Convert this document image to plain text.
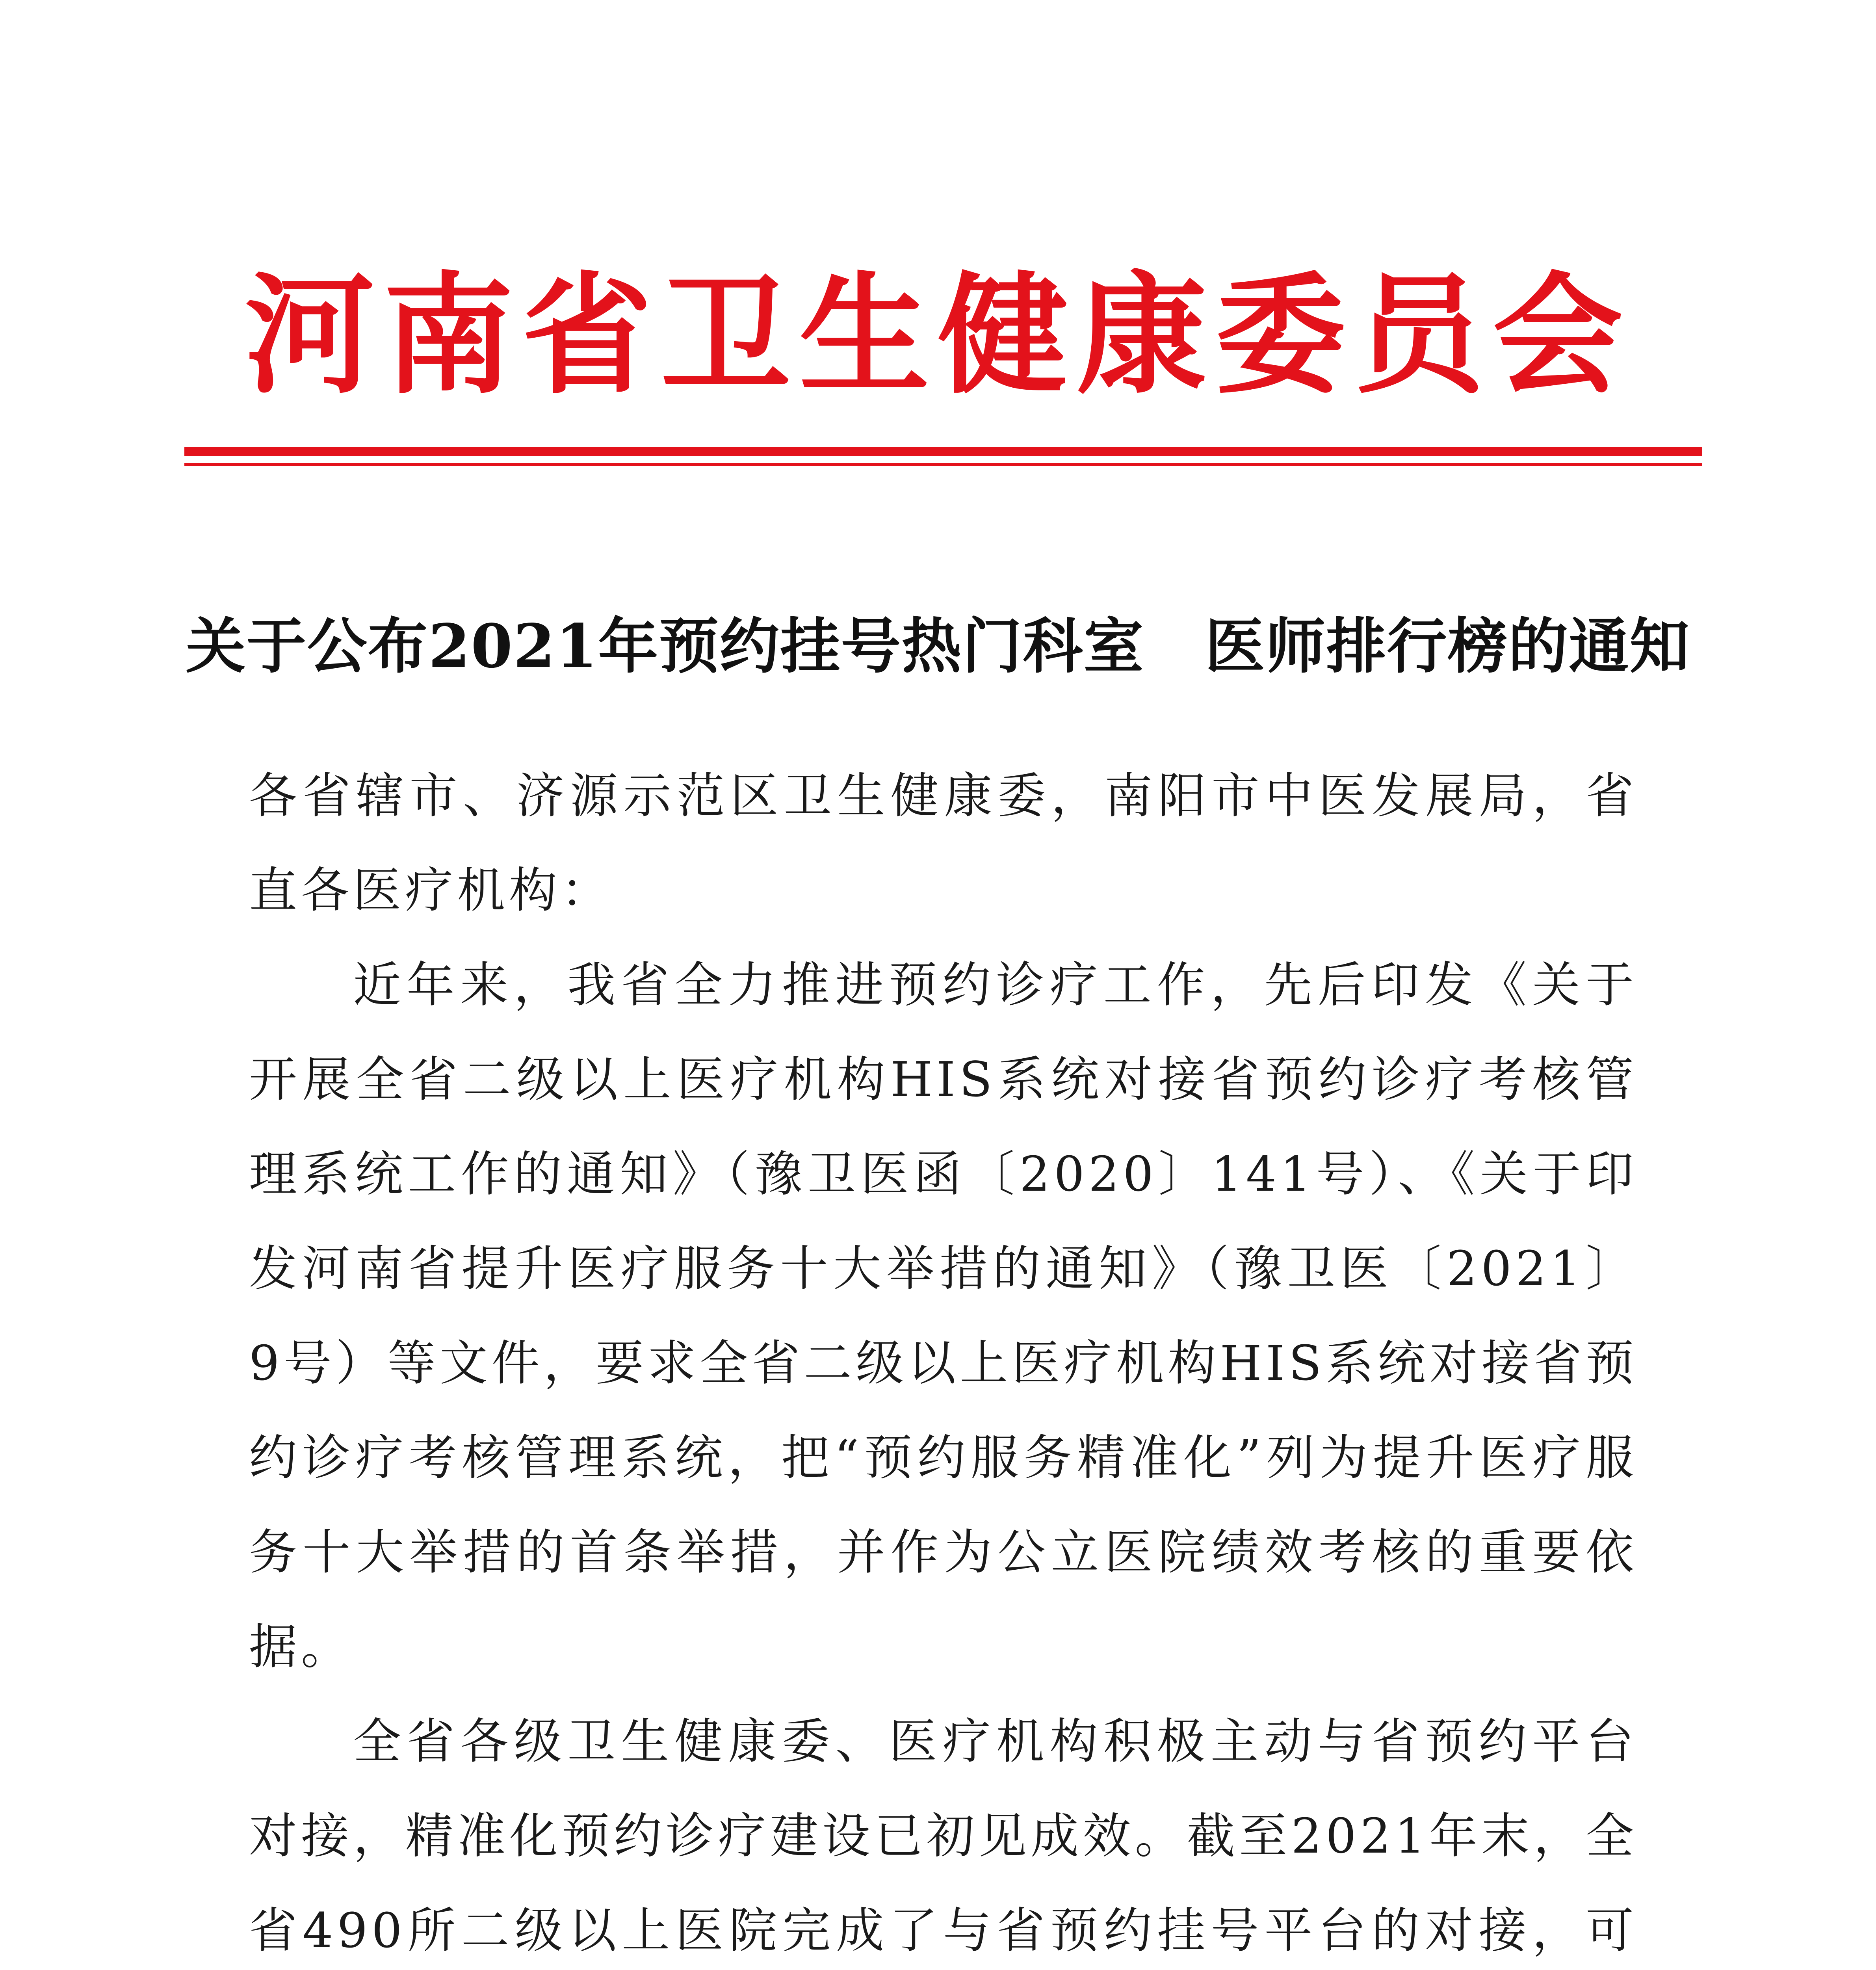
河南省卫生健康委员会
关于公布2021年预约挂号热门科室　医师排行榜的通知

各省辖市、济源示范区卫生健康委，南阳市中医发展局，省直各医疗机构：

近年来，我省全力推进预约诊疗工作，先后印发《关于开展全省二级以上医疗机构HIS系统对接省预约诊疗考核管理系统工作的通知》（豫卫医函〔2020〕141号）、《关于印发河南省提升医疗服务十大举措的通知》（豫卫医〔2021〕9号）等文件，要求全省二级以上医疗机构HIS系统对接省预约诊疗考核管理系统，把“预约服务精准化”列为提升医疗服务十大举措的首条举措，并作为公立医院绩效考核的重要依据。

全省各级卫生健康委、医疗机构积极主动与省预约平台对接，精准化预约诊疗建设已初见成效。截至2021年末，全省490所二级以上医院完成了与省预约挂号平台的对接，可
